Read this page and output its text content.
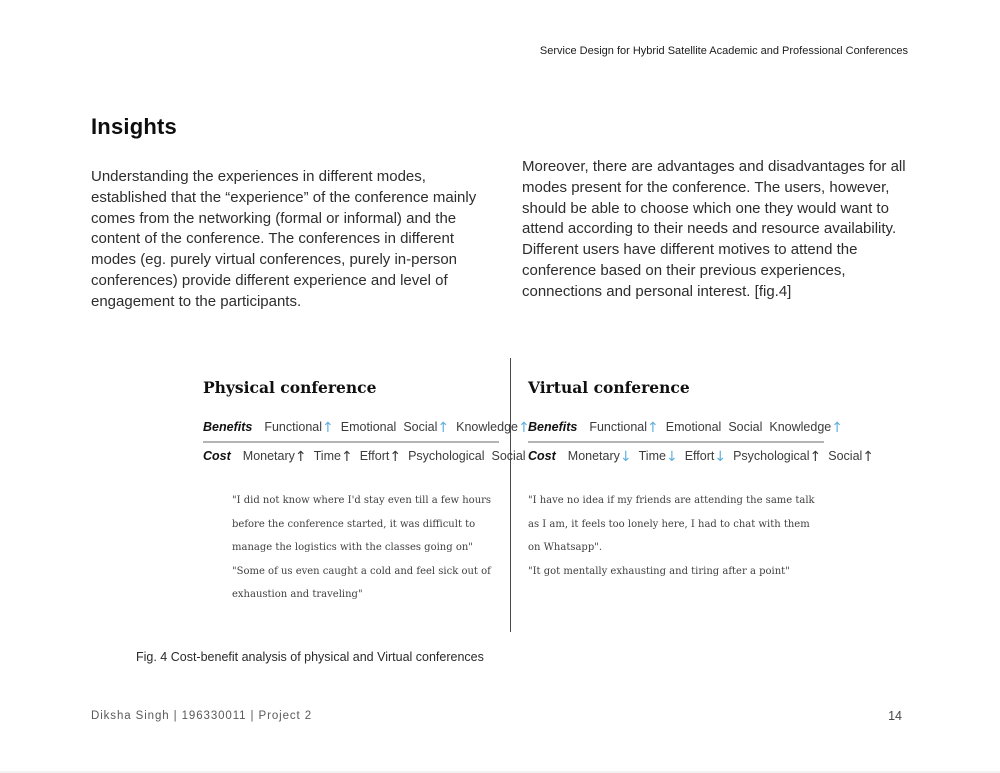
Service Design for Hybrid Satellite Academic and Professional Conferences
Insights

Understanding the experiences in different modes, established that the “experience” of the conference mainly comes from the networking (formal or informal) and the content of the conference. The conferences in different modes (eg. purely virtual conferences, purely in-person conferences) provide different experience and level of engagement to the participants.

Moreover, there are advantages and disadvantages for all modes present for the conference. The users, however, should be able to choose which one they would want to attend according to their needs and resource availability. Different users have different motives to attend the conference based on their previous experiences, connections and personal interest. [fig.4]

Physical conference
Benefits Functional ↑ Emotional Social ↑ Knowledge ↑
Cost Monetary ↑ Time ↑ Effort ↑ Psychological Social

"I did not know where I'd stay even till a few hours before the conference started, it was difficult to manage the logistics with the classes going on"

"Some of us even caught a cold and feel sick out of exhaustion and traveling"

Virtual conference
Benefits Functional ↑ Emotional Social Knowledge ↑
Cost Monetary ↓ Time ↓ Effort ↓ Psychological ↑ Social ↑

"I have no idea if my friends are attending the same talk as I am, it feels too lonely here, I had to chat with them on Whatsapp".

"It got mentally exhausting and tiring after a point"

Fig. 4 Cost-benefit analysis of physical and Virtual conferences
Diksha Singh | 196330011 | Project 2	14
